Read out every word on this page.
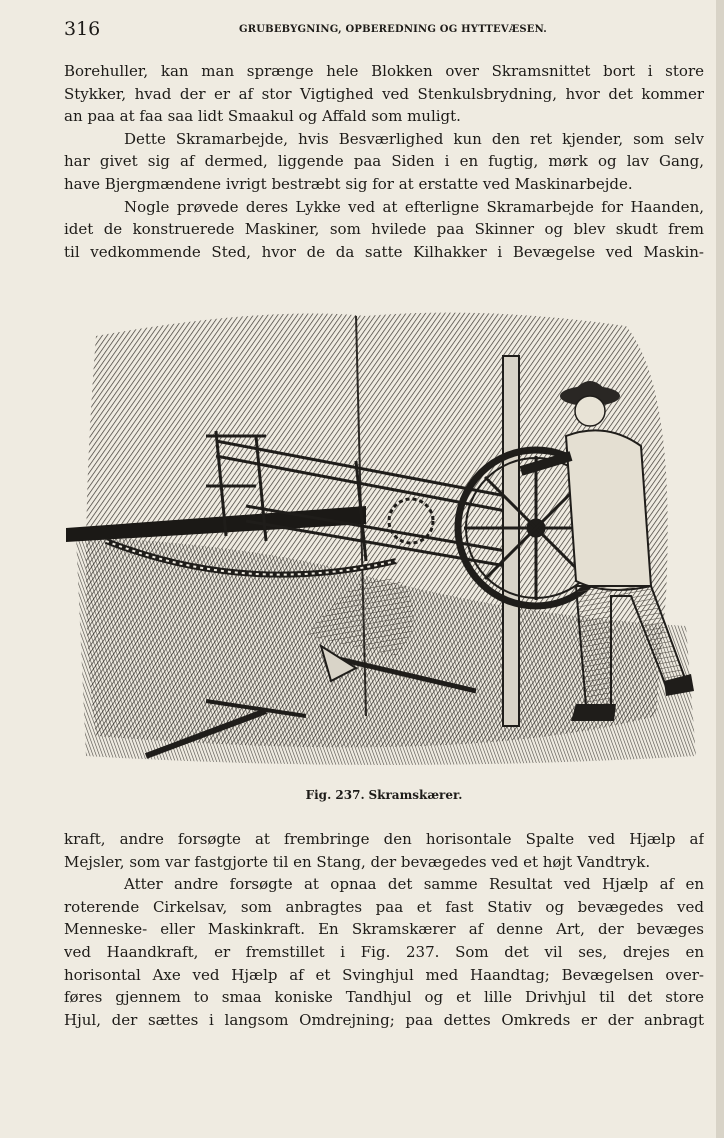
316	GRUBEBYGNING, OPBEREDNING OG HYTTEVÆSEN.
Borehuller, kan man sprænge hele Blokken over Skramsnittet bort i store
Stykker, hvad der er af stor Vigtighed ved Stenkulsbrydning, hvor det kommer
an paa at faa saa lidt Smaakul og Affald som muligt.
Dette Skramarbejde, hvis Besværlighed kun den ret kjender, som selv
har givet sig af dermed, liggende paa Siden i en fugtig, mørk og lav Gang,
have Bjergmændene ivrigt bestræbt sig for at erstatte ved Maskinarbejde.
Nogle prøvede deres Lykke ved at efterligne Skramarbejde for Haanden,
idet de konstruerede Maskiner, som hvilede paa Skinner og blev skudt frem
til vedkommende Sted, hvor de da satte Kilhakker i Bevægelse ved Maskin-
Fig. 237. Skramskærer.
kraft, andre forsøgte at frembringe den horisontale Spalte ved Hjælp af
Mejsler, som var fastgjorte til en Stang, der bevægedes ved et højt Vandtryk.
Atter andre forsøgte at opnaa det samme Resultat ved Hjælp af en
roterende Cirkelsav, som anbragtes paa et fast Stativ og bevægedes ved
Menneske- eller Maskinkraft. En Skramskærer af denne Art, der bevæges
ved Haandkraft, er fremstillet i Fig. 237. Som det vil ses, drejes en
horisontal Axe ved Hjælp af et Svinghjul med Haandtag; Bevægelsen over-
føres gjennem to smaa koniske Tandhjul og et lille Drivhjul til det store
Hjul, der sættes i langsom Omdrejning; paa dettes Omkreds er der anbragt
